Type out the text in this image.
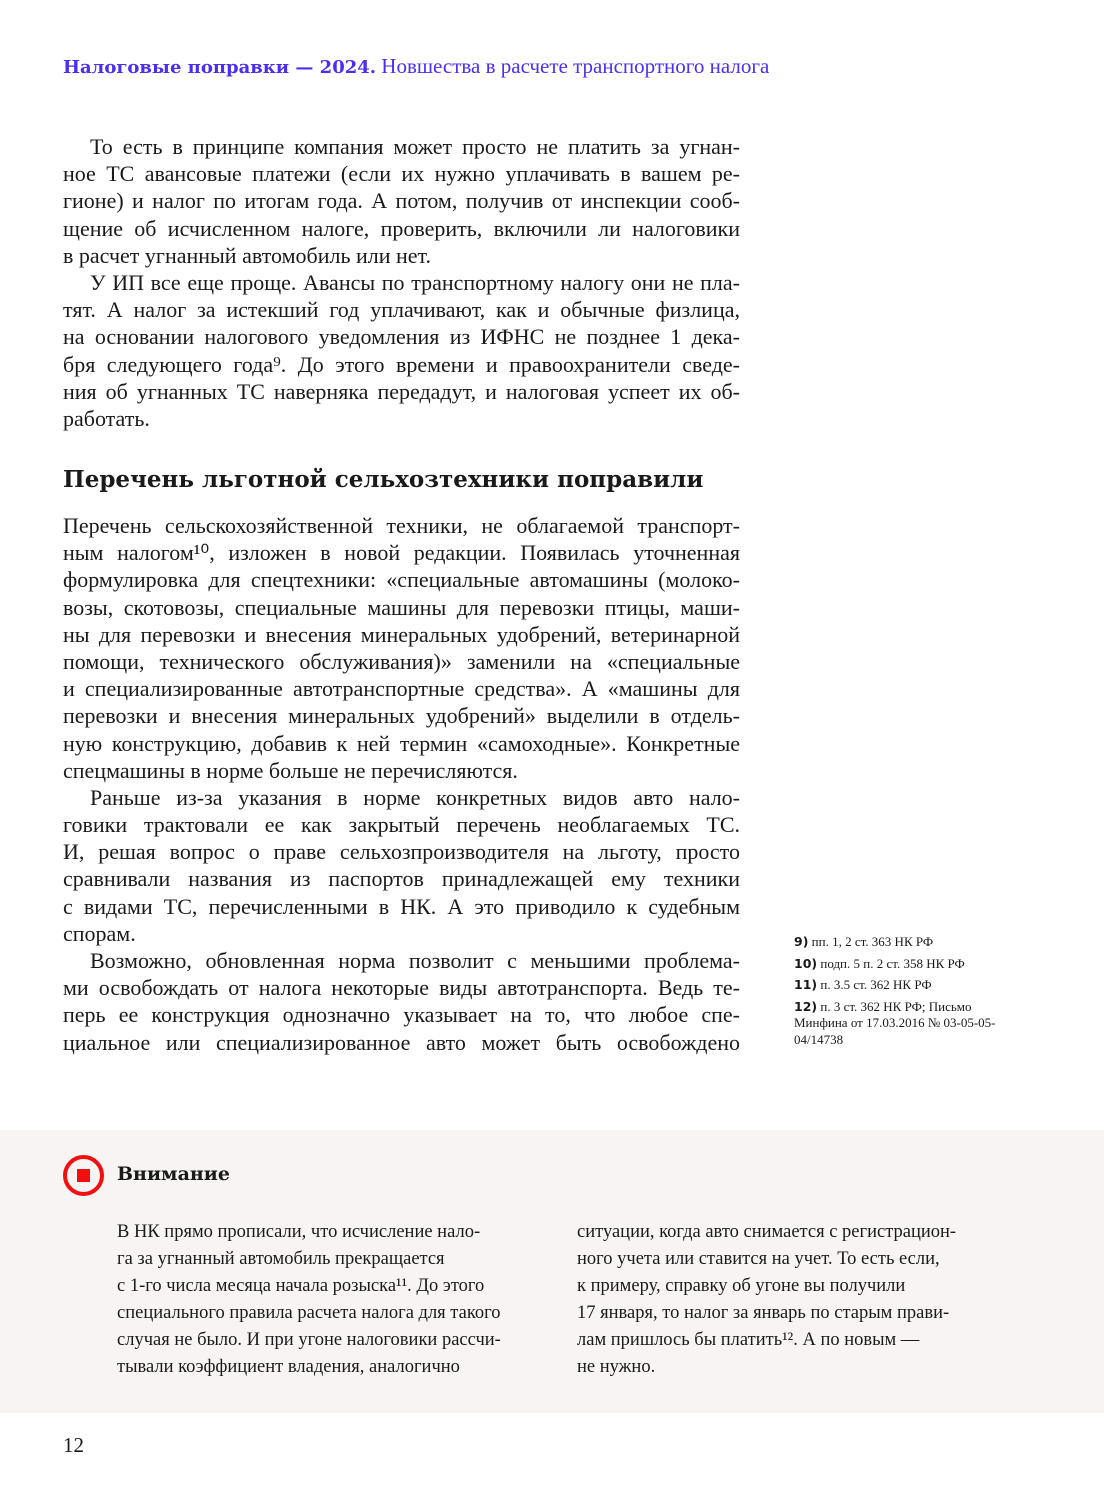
Налоговые поправки — 2024. Новшества в расчете транспортного налога
То есть в принципе компания может просто не платить за угнан-
ное ТС авансовые платежи (если их нужно уплачивать в вашем ре-
гионе) и налог по итогам года. А потом, получив от инспекции сооб-
щение об исчисленном налоге, проверить, включили ли налоговики
в расчет угнанный автомобиль или нет.
У ИП все еще проще. Авансы по транспортному налогу они не пла-
тят. А налог за истекший год уплачивают, как и обычные физлица,
на основании налогового уведомления из ИФНС не позднее 1 дека-
бря следующего года⁹. До этого времени и правоохранители сведе-
ния об угнанных ТС наверняка передадут, и налоговая успеет их об-
работать.
Перечень льготной сельхозтехники поправили
Перечень сельскохозяйственной техники, не облагаемой транспорт-
ным налогом¹⁰, изложен в новой редакции. Появилась уточненная
формулировка для спецтехники: «специальные автомашины (молоко-
возы, скотовозы, специальные машины для перевозки птицы, маши-
ны для перевозки и внесения минеральных удобрений, ветеринарной
помощи, технического обслуживания)» заменили на «специальные
и специализированные автотранспортные средства». А «машины для
перевозки и внесения минеральных удобрений» выделили в отдель-
ную конструкцию, добавив к ней термин «самоходные». Конкретные
спецмашины в норме больше не перечисляются.
Раньше из-за указания в норме конкретных видов авто нало-
говики трактовали ее как закрытый перечень необлагаемых ТС.
И, решая вопрос о праве сельхозпроизводителя на льготу, просто
сравнивали названия из паспортов принадлежащей ему техники
с видами ТС, перечисленными в НК. А это приводило к судебным
спорам.
Возможно, обновленная норма позволит с меньшими проблема-
ми освобождать от налога некоторые виды автотранспорта. Ведь те-
перь ее конструкция однозначно указывает на то, что любое спе-
циальное или специализированное авто может быть освобождено
9) пп. 1, 2 ст. 363 НК РФ
10) подп. 5 п. 2 ст. 358 НК РФ
11) п. 3.5 ст. 362 НК РФ
12) п. 3 ст. 362 НК РФ; Письмо Минфина от 17.03.2016 № 03-05-05-04/14738
Внимание
В НК прямо прописали, что исчисление нало-
га за угнанный автомобиль прекращается
с 1-го числа месяца начала розыска¹¹. До этого
специального правила расчета налога для такого
случая не было. И при угоне налоговики рассчи-
тывали коэффициент владения, аналогично
ситуации, когда авто снимается с регистрацион-
ного учета или ставится на учет. То есть если,
к примеру, справку об угоне вы получили
17 января, то налог за январь по старым прави-
лам пришлось бы платить¹². А по новым —
не нужно.
12
